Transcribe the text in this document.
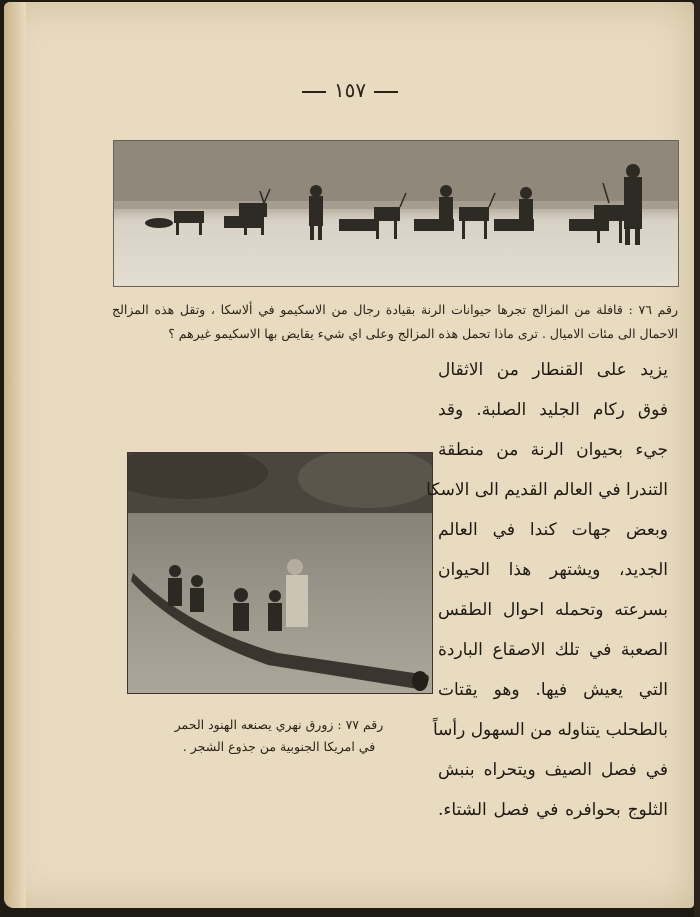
١٥٧
رقم ٧٦ : قافلة من المزالج تجرها حيوانات الرنة بقيادة رجال من الاسكيمو في ألاسكا ، وتقل هذه المزالج الاحمال الى مئات الاميال . ترى ماذا تحمل هذه المزالج وعلى اي شيء يقايض بها الاسكيمو غيرهم ؟
رقم ٧٧ : زورق نهري يصنعه الهنود الحمر
في امريكا الجنوبية من جذوع الشجر .
يزيد على القنطار من الاثقال
فوق ركام الجليد الصلبة. وقد
جيء بحيوان الرنة من منطقة
التندرا في العالم القديم الى الاسكا
وبعض جهات كندا في العالم
الجديد، ويشتهر هذا الحيوان
بسرعته وتحمله احوال الطقس
الصعبة في تلك الاصقاع الباردة
التي يعيش فيها. وهو يقتات
بالطحلب يتناوله من السهول رأساً
في فصل الصيف ويتحراه بنبش
الثلوج بحوافره في فصل الشتاء.
